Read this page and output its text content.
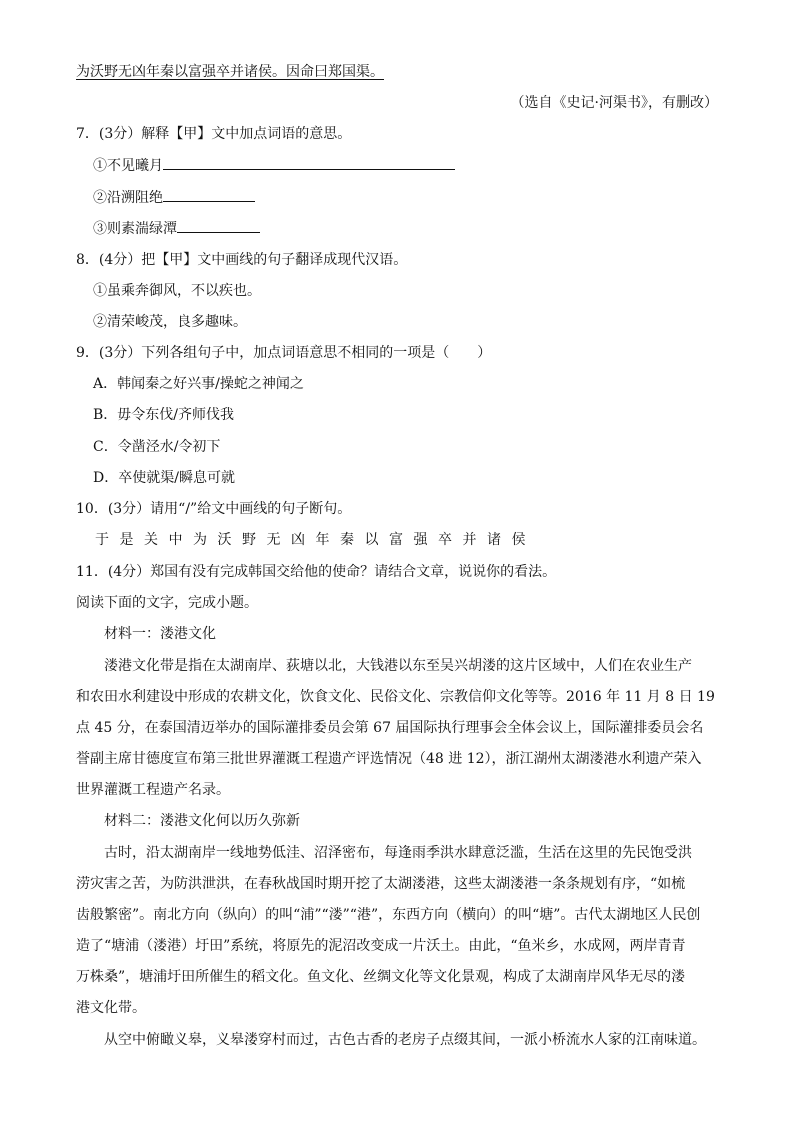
为沃野无凶年秦以富强卒并诸侯。因命曰郑国渠。
（选自《史记·河渠书》，有删改）
7．(3分）解释【甲】文中加点词语的意思。
①不见曦月
②沿溯阻绝
③则素湍绿潭
8．(4分）把【甲】文中画线的句子翻译成现代汉语。
①虽乘奔御风，不以疾也。
②清荣峻茂，良多趣味。
9．(3分）下列各组句子中，加点词语意思不相同的一项是（　　）
A．韩闻秦之好兴事/操蛇之神闻之
B．毋令东伐/齐师伐我
C．令凿泾水/令初下
D．卒使就渠/瞬息可就
10．(3分）请用“/”给文中画线的句子断句。
于是关中为沃野无凶年秦以富强卒并诸侯
11．(4分）郑国有没有完成韩国交给他的使命？请结合文章，说说你的看法。
阅读下面的文字，完成小题。
材料一：溇港文化
溇港文化带是指在太湖南岸、荻塘以北，大钱港以东至吴兴胡溇的这片区域中，人们在农业生产
和农田水利建设中形成的农耕文化，饮食文化、民俗文化、宗教信仰文化等等。2016 年 11 月 8 日 19
点 45 分，在泰国清迈举办的国际灌排委员会第 67 届国际执行理事会全体会议上，国际灌排委员会名
誉副主席甘德度宣布第三批世界灌溉工程遗产评选情况（48 进 12），浙江湖州太湖溇港水利遗产荣入
世界灌溉工程遗产名录。
材料二：溇港文化何以历久弥新
古时，沿太湖南岸一线地势低洼、沼泽密布，每逢雨季洪水肆意泛滥，生活在这里的先民饱受洪
涝灾害之苦，为防洪泄洪，在春秋战国时期开挖了太湖溇港，这些太湖溇港一条条规划有序，“如梳
齿般繁密”。南北方向（纵向）的叫“浦”“溇”“港”，东西方向（横向）的叫“塘”。古代太湖地区人民创
造了“塘浦（溇港）圩田”系统，将原先的泥沼改变成一片沃土。由此，“鱼米乡，水成网，两岸青青
万株桑”，塘浦圩田所催生的稻文化。鱼文化、丝绸文化等文化景观，构成了太湖南岸风华无尽的溇
港文化带。
从空中俯瞰义皋，义皋溇穿村而过，古色古香的老房子点缀其间，一派小桥流水人家的江南味道。
